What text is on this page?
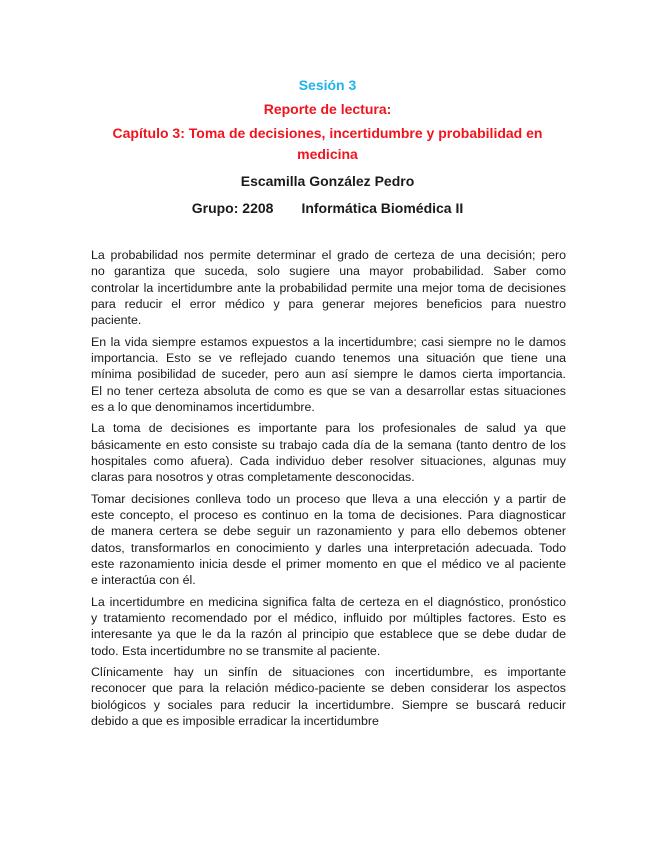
Sesión 3
Reporte de lectura:
Capítulo 3: Toma de decisiones, incertidumbre y probabilidad en
medicina
Escamilla González Pedro
Grupo: 2208 Informática Biomédica II
La probabilidad nos permite determinar el grado de certeza de una decisión; pero
no garantiza que suceda, solo sugiere una mayor probabilidad. Saber como
controlar la incertidumbre ante la probabilidad permite una mejor toma de decisiones
para reducir el error médico y para generar mejores beneficios para nuestro
paciente.
En la vida siempre estamos expuestos a la incertidumbre; casi siempre no le damos
importancia. Esto se ve reflejado cuando tenemos una situación que tiene una
mínima posibilidad de suceder, pero aun así siempre le damos cierta importancia.
El no tener certeza absoluta de como es que se van a desarrollar estas situaciones
es a lo que denominamos incertidumbre.
La toma de decisiones es importante para los profesionales de salud ya que
básicamente en esto consiste su trabajo cada día de la semana (tanto dentro de los
hospitales como afuera). Cada individuo deber resolver situaciones, algunas muy
claras para nosotros y otras completamente desconocidas.
Tomar decisiones conlleva todo un proceso que lleva a una elección y a partir de
este concepto, el proceso es continuo en la toma de decisiones. Para diagnosticar
de manera certera se debe seguir un razonamiento y para ello debemos obtener
datos, transformarlos en conocimiento y darles una interpretación adecuada. Todo
este razonamiento inicia desde el primer momento en que el médico ve al paciente
e interactúa con él.
La incertidumbre en medicina significa falta de certeza en el diagnóstico, pronóstico
y tratamiento recomendado por el médico, influido por múltiples factores. Esto es
interesante ya que le da la razón al principio que establece que se debe dudar de
todo. Esta incertidumbre no se transmite al paciente.
Clínicamente hay un sinfín de situaciones con incertidumbre, es importante
reconocer que para la relación médico-paciente se deben considerar los aspectos
biológicos y sociales para reducir la incertidumbre. Siempre se buscará reducir
debido a que es imposible erradicar la incertidumbre
